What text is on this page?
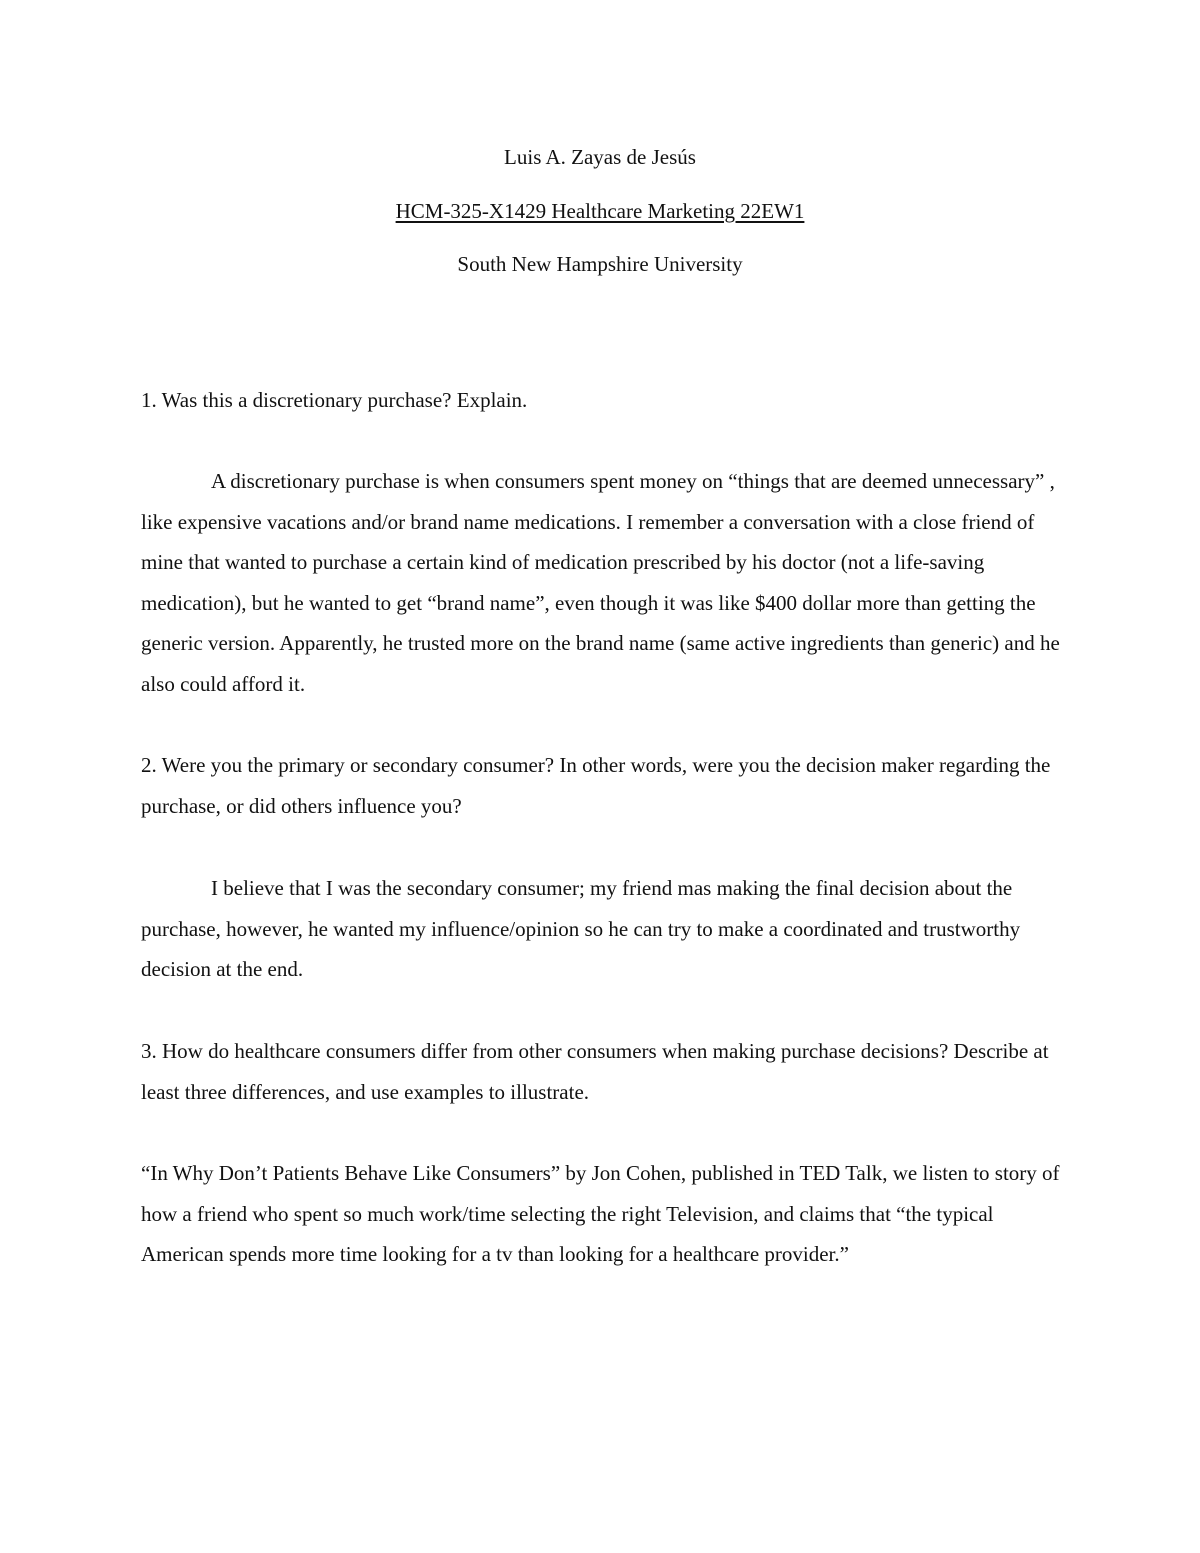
Luis A. Zayas de Jesús
HCM-325-X1429 Healthcare Marketing 22EW1
South New Hampshire University

1. Was this a discretionary purchase? Explain.

A discretionary purchase is when consumers spent money on “things that are deemed unnecessary” , like expensive vacations and/or brand name medications. I remember a conversation with a close friend of mine that wanted to purchase a certain kind of medication prescribed by his doctor (not a life-saving medication), but he wanted to get “brand name”, even though it was like $400 dollar more than getting the generic version. Apparently, he trusted more on the brand name (same active ingredients than generic) and he also could afford it.

2. Were you the primary or secondary consumer? In other words, were you the decision maker regarding the purchase, or did others influence you?

I believe that I was the secondary consumer; my friend mas making the final decision about the purchase, however, he wanted my influence/opinion so he can try to make a coordinated and trustworthy decision at the end.

3. How do healthcare consumers differ from other consumers when making purchase decisions? Describe at least three differences, and use examples to illustrate.

“In Why Don’t Patients Behave Like Consumers” by Jon Cohen, published in TED Talk, we listen to story of how a friend who spent so much work/time selecting the right Television, and claims that “the typical American spends more time looking for a tv than looking for a healthcare provider.”
